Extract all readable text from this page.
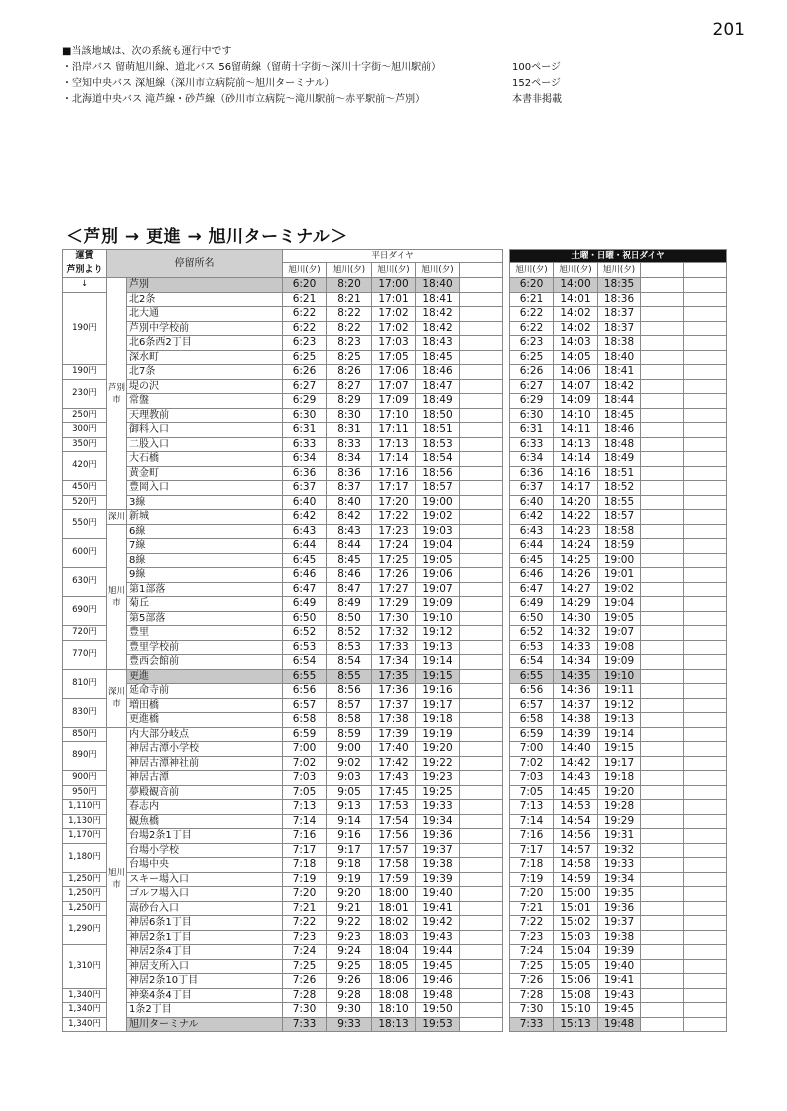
201
■当該地域は、次の系統も運行中です
・沿岸バス 留萌旭川線、道北バス 56留萌線（留萌十字街〜深川十字街〜旭川駅前）	100ページ
・空知中央バス 深旭線（深川市立病院前〜旭川ターミナル）	152ページ
・北海道中央バス 滝芦線・砂芦線（砂川市立病院〜滝川駅前〜赤平駅前〜芦別）	本書非掲載
＜芦別 → 更進 → 旭川ターミナル＞
運賃
芦別より	停留所名		平日ダイヤ						土曜・日曜・祝日ダイヤ				
			旭川(夕)	旭川(夕)	旭川(夕)	旭川(夕)			旭川(夕)	旭川(夕)	旭川(夕)		
↓	芦別市	芦別	6:20	8:20	17:00	18:40			6:20	14:00	18:35		
190円		北2条	6:21	8:21	17:01	18:41			6:21	14:01	18:36		
		北大通	6:22	8:22	17:02	18:42			6:22	14:02	18:37		
		芦別中学校前	6:22	8:22	17:02	18:42			6:22	14:02	18:37		
		北6条西2丁目	6:23	8:23	17:03	18:43			6:23	14:03	18:38		
		深水町	6:25	8:25	17:05	18:45			6:25	14:05	18:40		
190円		北7条	6:26	8:26	17:06	18:46			6:26	14:06	18:41		
230円		堤の沢	6:27	8:27	17:07	18:47			6:27	14:07	18:42		
		常盤	6:29	8:29	17:09	18:49			6:29	14:09	18:44		
250円		天理教前	6:30	8:30	17:10	18:50			6:30	14:10	18:45		
300円		御料入口	6:31	8:31	17:11	18:51			6:31	14:11	18:46		
350円		二股入口	6:33	8:33	17:13	18:53			6:33	14:13	18:48		
420円		大石橋	6:34	8:34	17:14	18:54			6:34	14:14	18:49		
		黄金町	6:36	8:36	17:16	18:56			6:36	14:16	18:51		
450円		豊岡入口	6:37	8:37	17:17	18:57			6:37	14:17	18:52		
520円		3線	6:40	8:40	17:20	19:00			6:40	14:20	18:55		
550円	深川	新城	6:42	8:42	17:22	19:02			6:42	14:22	18:57		
	旭川市	6線	6:43	8:43	17:23	19:03			6:43	14:23	18:58		
600円		7線	6:44	8:44	17:24	19:04			6:44	14:24	18:59		
		8線	6:45	8:45	17:25	19:05			6:45	14:25	19:00		
630円		9線	6:46	8:46	17:26	19:06			6:46	14:26	19:01		
		第1部落	6:47	8:47	17:27	19:07			6:47	14:27	19:02		
690円		菊丘	6:49	8:49	17:29	19:09			6:49	14:29	19:04		
		第5部落	6:50	8:50	17:30	19:10			6:50	14:30	19:05		
720円		豊里	6:52	8:52	17:32	19:12			6:52	14:32	19:07		
770円		豊里学校前	6:53	8:53	17:33	19:13			6:53	14:33	19:08		
		豊西会館前	6:54	8:54	17:34	19:14			6:54	14:34	19:09		
810円	深川市	更進	6:55	8:55	17:35	19:15			6:55	14:35	19:10		
		延命寺前	6:56	8:56	17:36	19:16			6:56	14:36	19:11		
830円		増田橋	6:57	8:57	17:37	19:17			6:57	14:37	19:12		
		更進橋	6:58	8:58	17:38	19:18			6:58	14:38	19:13		
850円	旭川市	内大部分岐点	6:59	8:59	17:39	19:19			6:59	14:39	19:14		
890円		神居古潭小学校	7:00	9:00	17:40	19:20			7:00	14:40	19:15		
		神居古潭神社前	7:02	9:02	17:42	19:22			7:02	14:42	19:17		
900円		神居古潭	7:03	9:03	17:43	19:23			7:03	14:43	19:18		
950円		夢殿観音前	7:05	9:05	17:45	19:25			7:05	14:45	19:20		
1,110円		春志内	7:13	9:13	17:53	19:33			7:13	14:53	19:28		
1,130円		観魚橋	7:14	9:14	17:54	19:34			7:14	14:54	19:29		
1,170円		台場2条1丁目	7:16	9:16	17:56	19:36			7:16	14:56	19:31		
1,180円		台場小学校	7:17	9:17	17:57	19:37			7:17	14:57	19:32		
		台場中央	7:18	9:18	17:58	19:38			7:18	14:58	19:33		
1,250円		スキー場入口	7:19	9:19	17:59	19:39			7:19	14:59	19:34		
1,250円		ゴルフ場入口	7:20	9:20	18:00	19:40			7:20	15:00	19:35		
1,250円		嵩砂台入口	7:21	9:21	18:01	19:41			7:21	15:01	19:36		
1,290円		神居6条1丁目	7:22	9:22	18:02	19:42			7:22	15:02	19:37		
		神居2条1丁目	7:23	9:23	18:03	19:43			7:23	15:03	19:38		
1,310円		神居2条4丁目	7:24	9:24	18:04	19:44			7:24	15:04	19:39		
		神居支所入口	7:25	9:25	18:05	19:45			7:25	15:05	19:40		
		神居2条10丁目	7:26	9:26	18:06	19:46			7:26	15:06	19:41		
1,340円		神楽4条4丁目	7:28	9:28	18:08	19:48			7:28	15:08	19:43		
1,340円		1条2丁目	7:30	9:30	18:10	19:50			7:30	15:10	19:45		
1,340円		旭川ターミナル	7:33	9:33	18:13	19:53			7:33	15:13	19:48		
